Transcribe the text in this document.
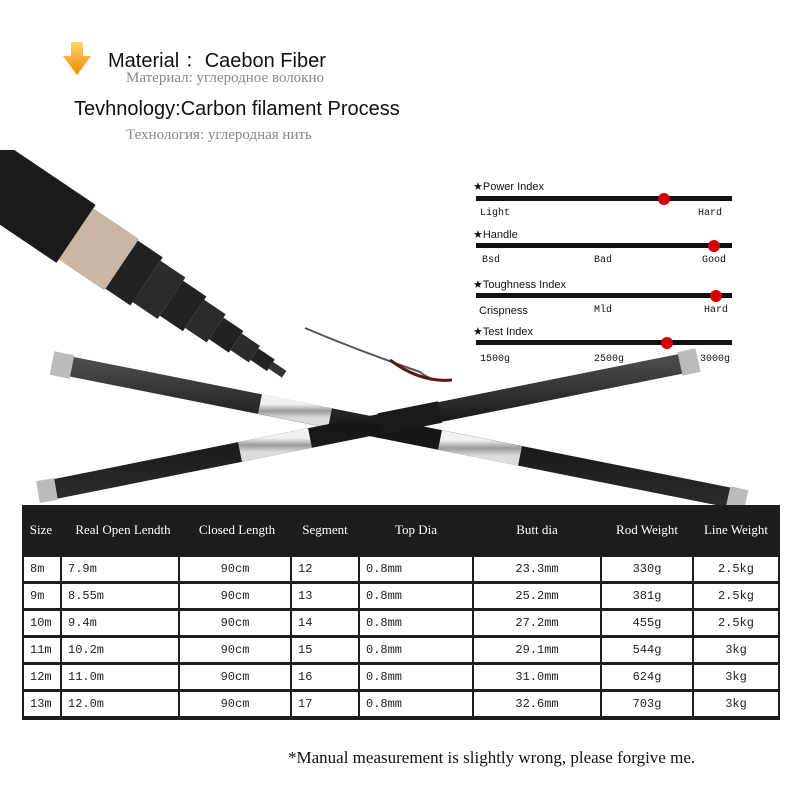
Material ：Caebon Fiber
Материал: углеродное волокно
Tevhnology:Carbon filament Process
Технология: углеродная нить
★Power Index
Light	Hard
★Handle
Bsd	Bad	Good
★Toughness Index
Crispness	Mld	Hard
★Test Index
1500g	2500g	3000g
Size	Real Open Lendth	Closed Length	Segment	Top Dia	Butt dia	Rod Weight	Line Weight
8m	7.9m	90cm	12	0.8mm	23.3mm	330g	2.5kg
9m	8.55m	90cm	13	0.8mm	25.2mm	381g	2.5kg
10m	9.4m	90cm	14	0.8mm	27.2mm	455g	2.5kg
11m	10.2m	90cm	15	0.8mm	29.1mm	544g	3kg
12m	11.0m	90cm	16	0.8mm	31.0mm	624g	3kg
13m	12.0m	90cm	17	0.8mm	32.6mm	703g	3kg
*Manual measurement is slightly wrong, please forgive me.
